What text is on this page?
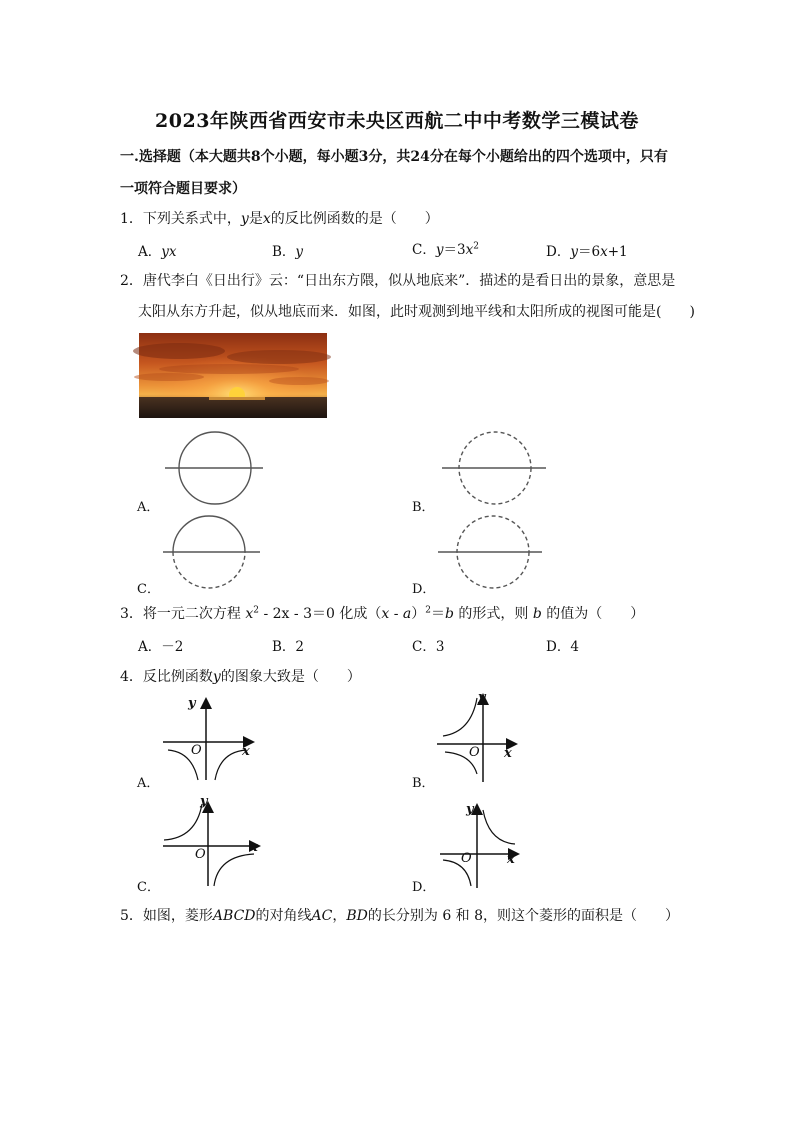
2023年陕西省西安市未央区西航二中中考数学三模试卷
一.选择题（本大题共8个小题，每小题3分，共24分在每个小题给出的四个选项中，只有
一项符合题目要求）
1．下列关系式中，y是x的反比例函数的是（　　）
A．yx	B．y	C．$y=3x^2$	D．y＝6x+1
2．唐代李白《日出行》云：“日出东方隈，似从地底来”．描述的是看日出的景象，意思是
太阳从东方升起，似从地底而来．如图，此时观测到地平线和太阳所成的视图可能是(　　)
A．	B．
C．	D．
3．将一元二次方程 $x^2 - 2x - 3=0$ 化成（x - a）$^2$＝b 的形式，则 b 的值为（　　）
A．－2	B．2	C．3	D．4
4．反比例函数y的图象大致是（　　）
y
x
O
A．
y
x
O
B．
y
x
O
C．
y
x
O
D．
5．如图，菱形ABCD的对角线AC，BD的长分别为 6 和 8，则这个菱形的面积是（　　）
